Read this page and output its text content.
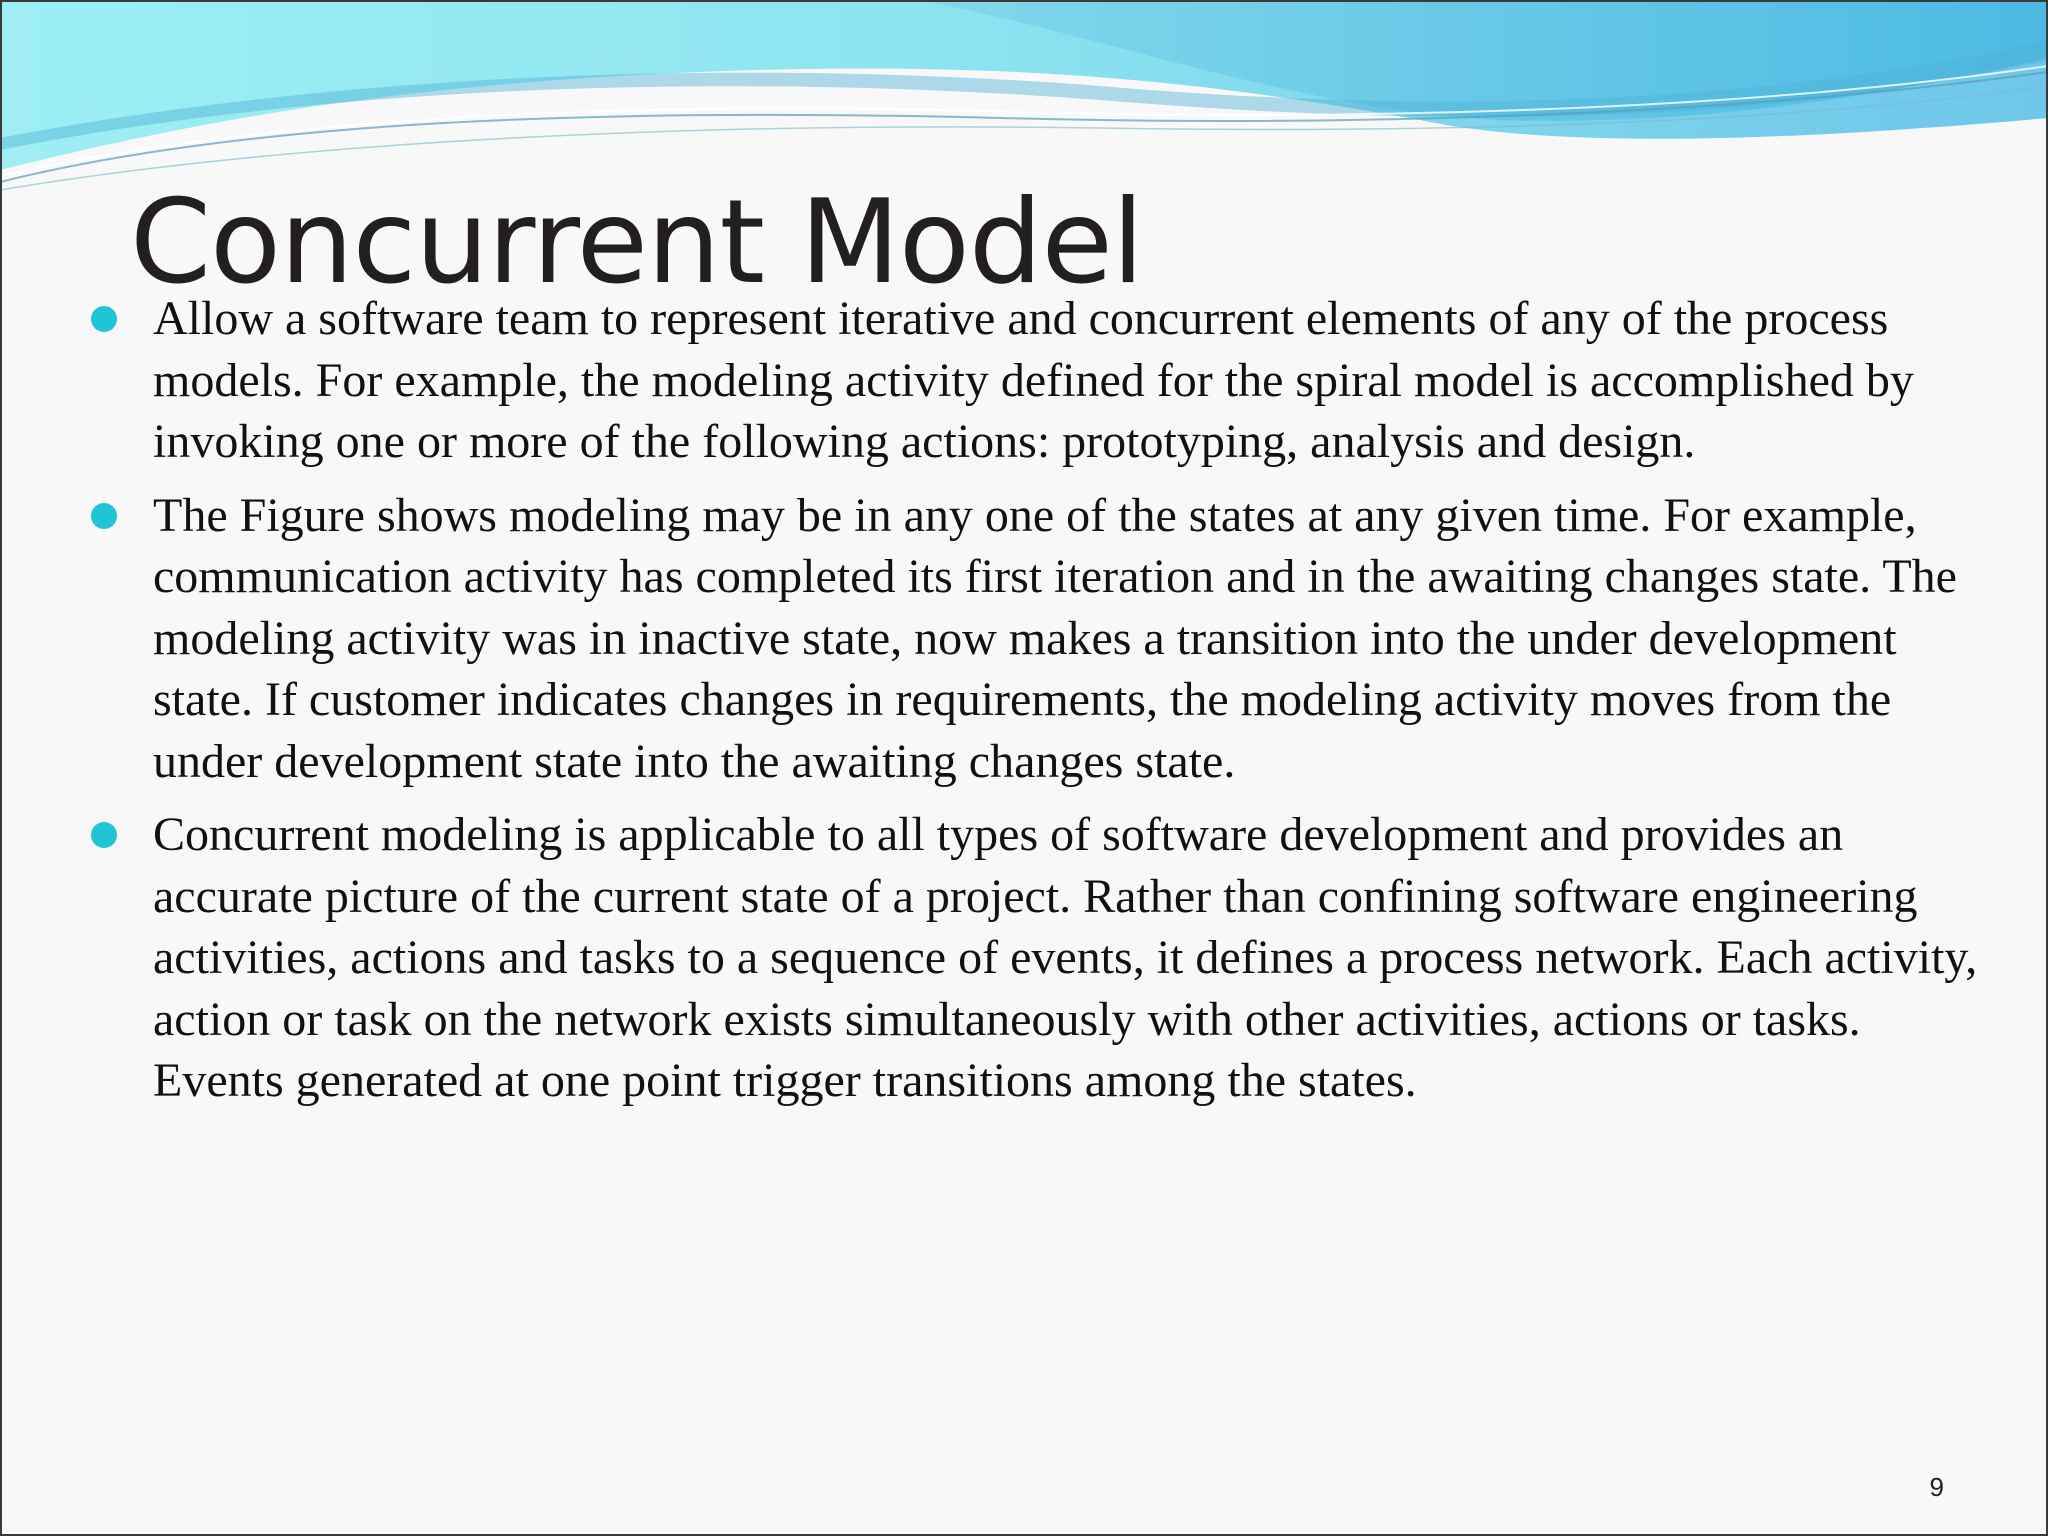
Concurrent Model
Allow a software team to represent iterative and concurrent elements of any of the process models. For example, the modeling activity defined for the spiral model is accomplished by invoking one or more of the following actions: prototyping, analysis and design.
The Figure shows modeling may be in any one of the states at any given time. For example, communication activity has completed its first iteration and in the awaiting changes state. The modeling activity was in inactive state, now makes a transition into the under development state. If customer indicates changes in requirements, the modeling activity moves from the under development state into the awaiting changes state.
Concurrent modeling is applicable to all types of software development and provides an accurate picture of the current state of a project. Rather than confining software engineering activities, actions and tasks to a sequence of events, it defines a process network. Each activity, action or task on the network exists simultaneously with other activities, actions or tasks. Events generated at one point trigger transitions among the states.
9
